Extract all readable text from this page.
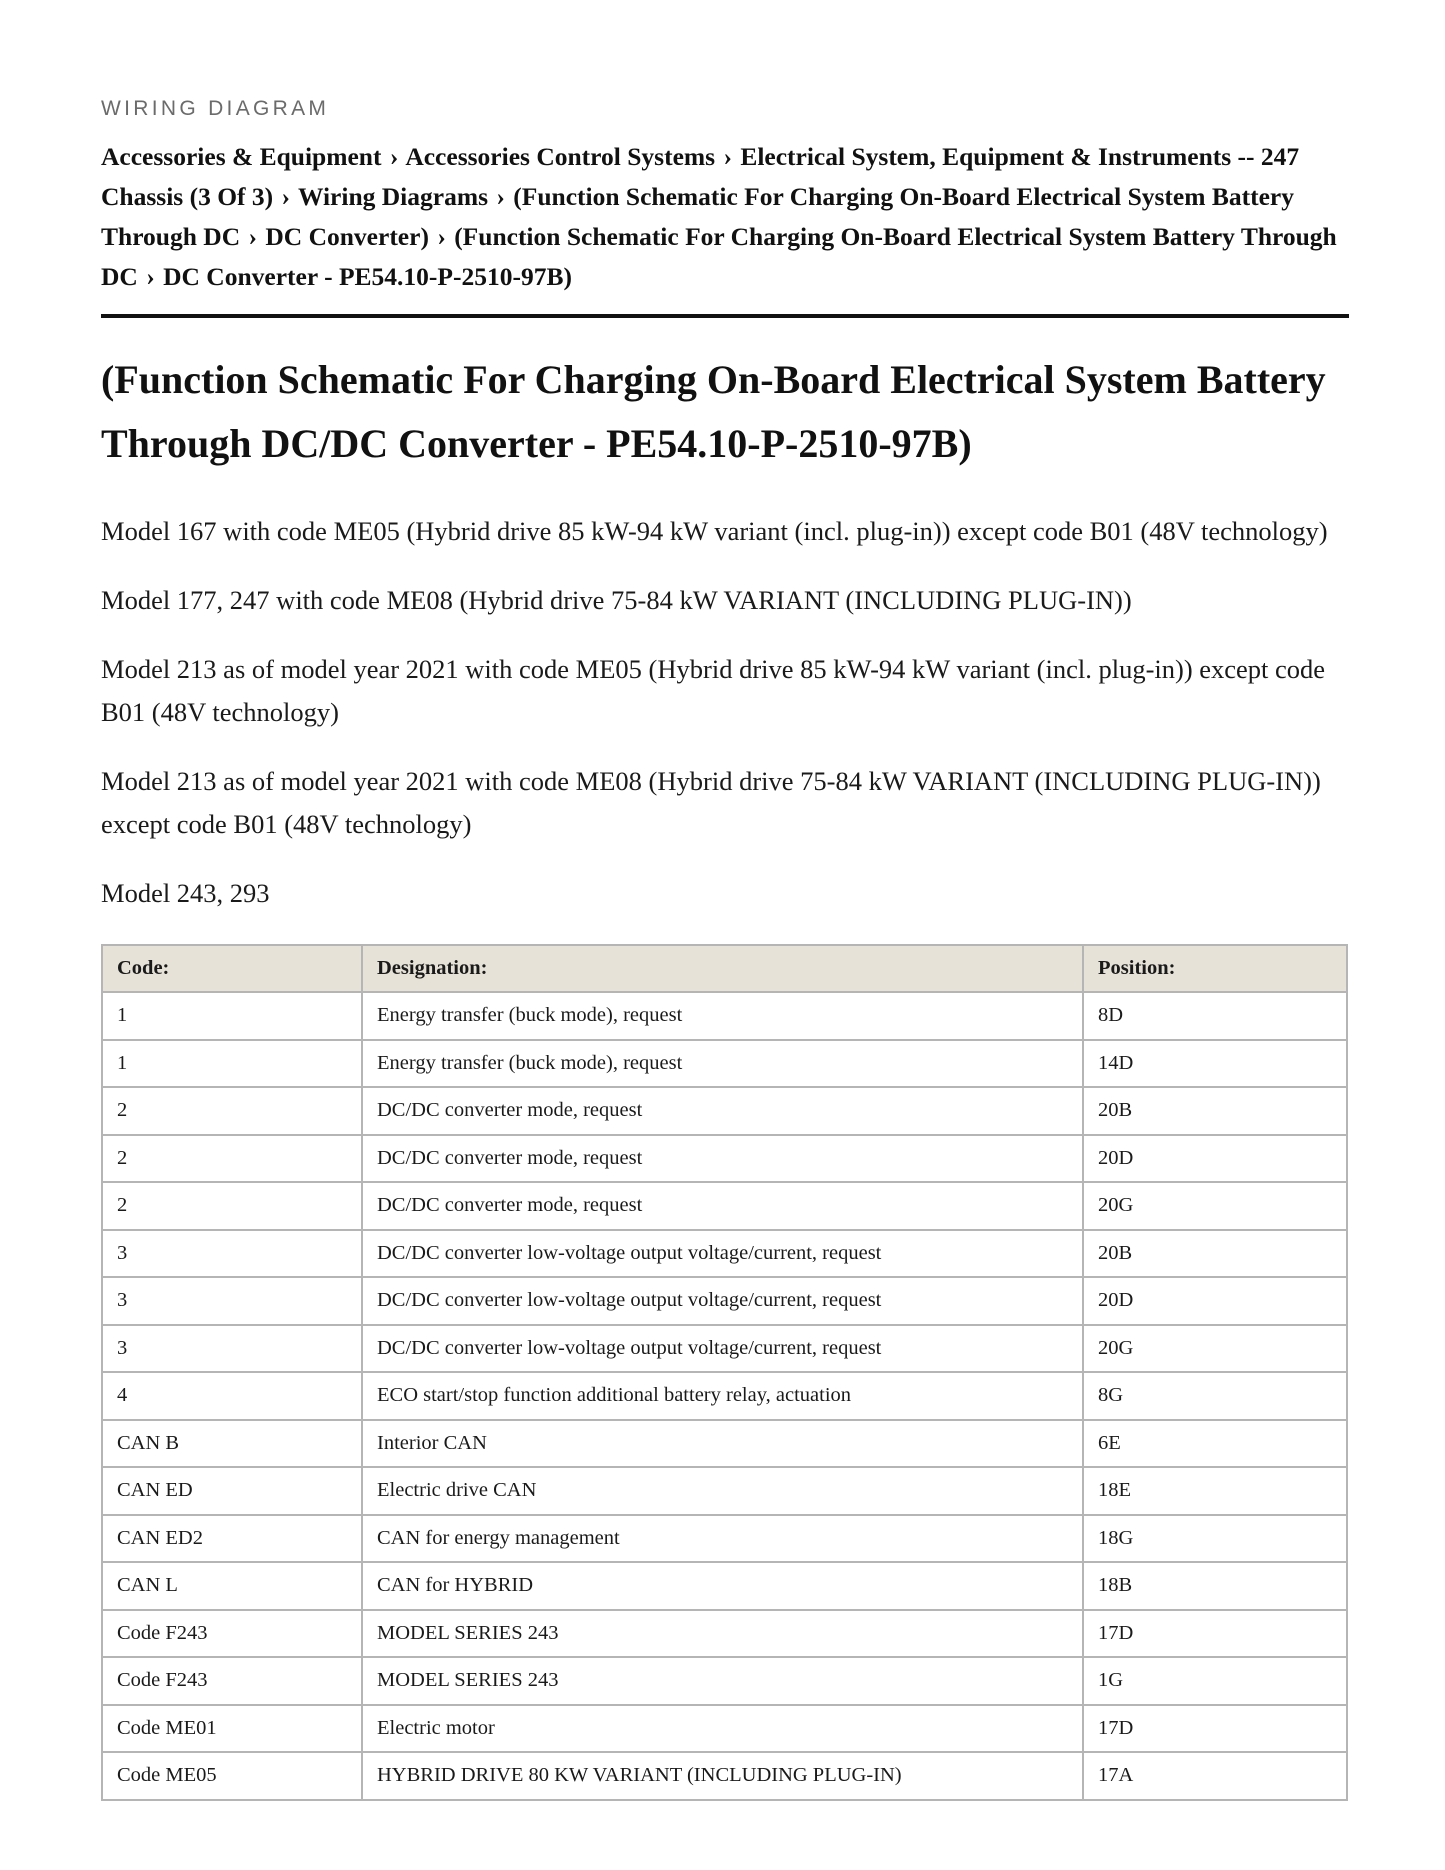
WIRING DIAGRAM

Accessories & Equipment › Accessories Control Systems › Electrical System, Equipment & Instruments -- 247 Chassis (3 Of 3) › Wiring Diagrams › (Function Schematic For Charging On-Board Electrical System Battery Through DC › DC Converter) › (Function Schematic For Charging On-Board Electrical System Battery Through DC › DC Converter - PE54.10-P-2510-97B)
(Function Schematic For Charging On-Board Electrical System Battery Through DC/DC Converter - PE54.10-P-2510-97B)

Model 167 with code ME05 (Hybrid drive 85 kW-94 kW variant (incl. plug-in)) except code B01 (48V technology)

Model 177, 247 with code ME08 (Hybrid drive 75-84 kW VARIANT (INCLUDING PLUG-IN))

Model 213 as of model year 2021 with code ME05 (Hybrid drive 85 kW-94 kW variant (incl. plug-in)) except code B01 (48V technology)

Model 213 as of model year 2021 with code ME08 (Hybrid drive 75-84 kW VARIANT (INCLUDING PLUG-IN)) except code B01 (48V technology)

Model 243, 293

Code:	Designation:	Position:
1	Energy transfer (buck mode), request	8D
1	Energy transfer (buck mode), request	14D
2	DC/DC converter mode, request	20B
2	DC/DC converter mode, request	20D
2	DC/DC converter mode, request	20G
3	DC/DC converter low-voltage output voltage/current, request	20B
3	DC/DC converter low-voltage output voltage/current, request	20D
3	DC/DC converter low-voltage output voltage/current, request	20G
4	ECO start/stop function additional battery relay, actuation	8G
CAN B	Interior CAN	6E
CAN ED	Electric drive CAN	18E
CAN ED2	CAN for energy management	18G
CAN L	CAN for HYBRID	18B
Code F243	MODEL SERIES 243	17D
Code F243	MODEL SERIES 243	1G
Code ME01	Electric motor	17D
Code ME05	HYBRID DRIVE 80 KW VARIANT (INCLUDING PLUG-IN)	17A
